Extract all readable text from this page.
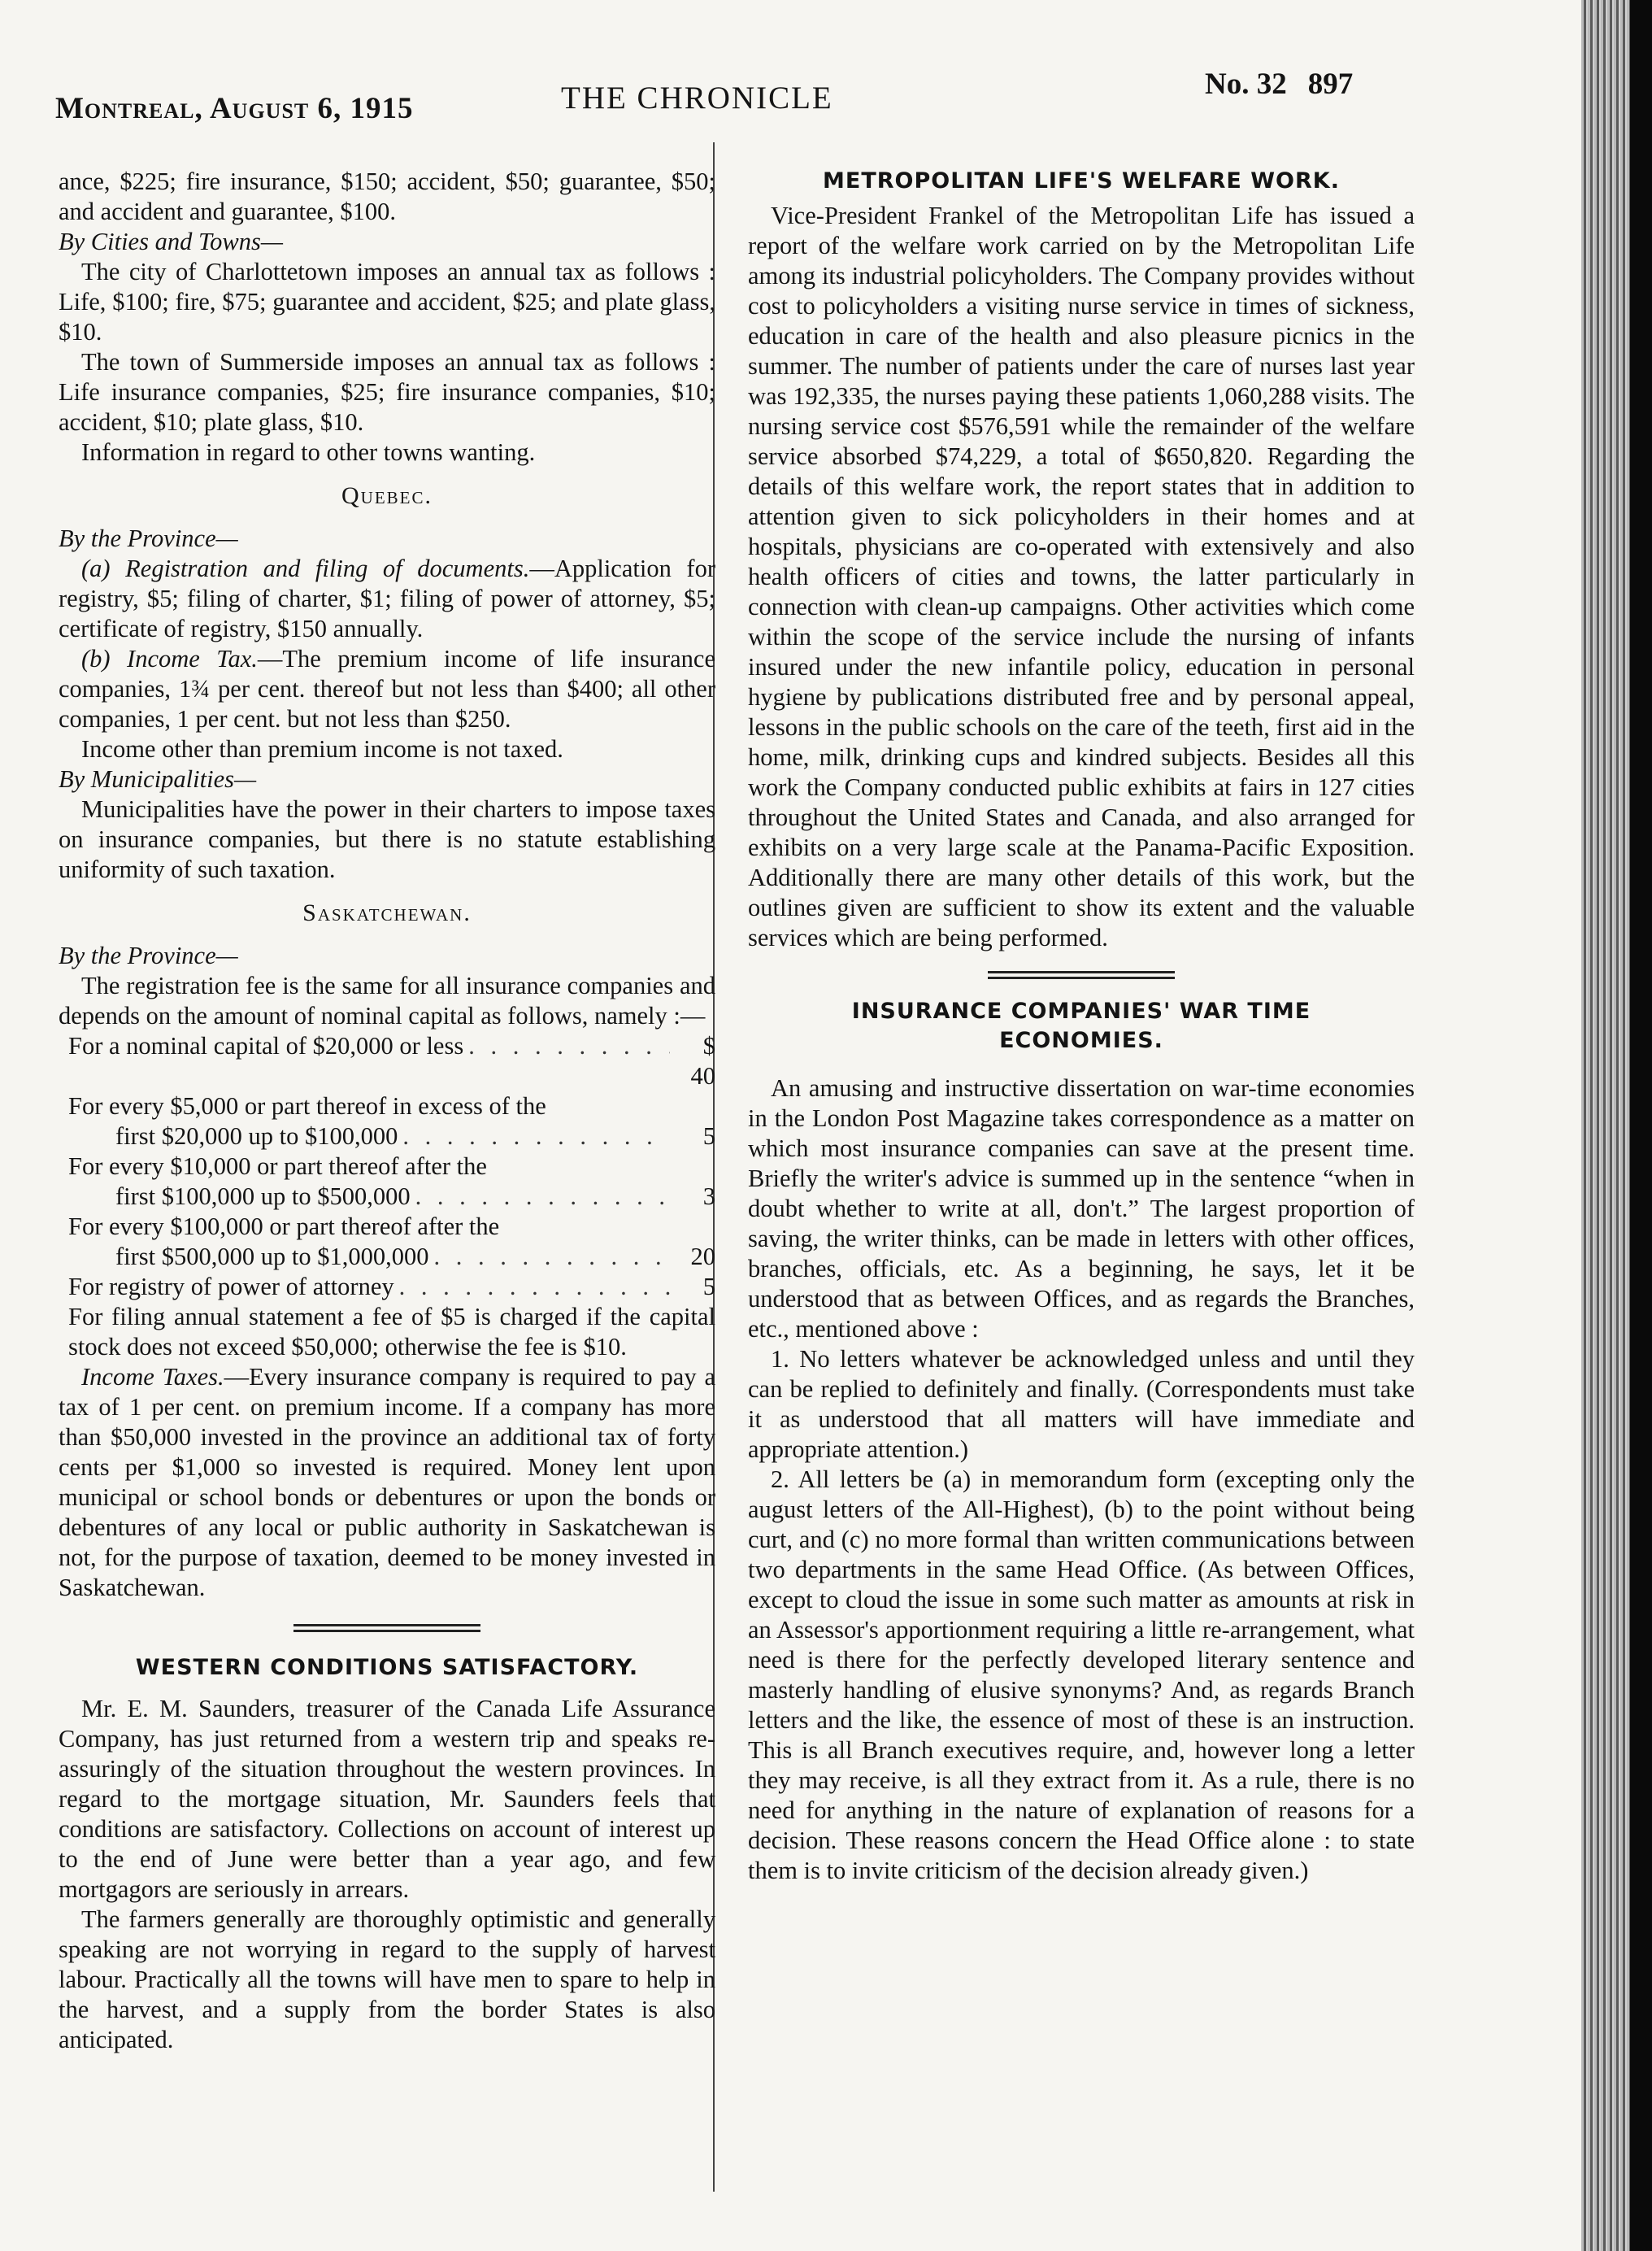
Montreal, August 6, 1915	THE CHRONICLE	No. 32 897

ance, $225; fire insurance, $150; accident, $50; guarantee, $50; and accident and guarantee, $100.

By Cities and Towns—

The city of Charlottetown imposes an annual tax as follows : Life, $100; fire, $75; guarantee and accident, $25; and plate glass, $10.

The town of Summerside imposes an annual tax as follows : Life insurance companies, $25; fire insurance companies, $10; accident, $10; plate glass, $10.

Information in regard to other towns wanting.

Quebec.

By the Province—

(a) Registration and filing of documents.—Application for registry, $5; filing of charter, $1; filing of power of attorney, $5; certificate of registry, $150 annually.

(b) Income Tax.—The premium income of life insurance companies, 1¾ per cent. thereof but not less than $400; all other companies, 1 per cent. but not less than $250.

Income other than premium income is not taxed.

By Municipalities—

Municipalities have the power in their charters to impose taxes on insurance companies, but there is no statute establishing uniformity of such taxation.

Saskatchewan.

By the Province—

The registration fee is the same for all insurance companies and depends on the amount of nominal capital as follows, namely :—

For a nominal capital of $20,000 or less . . .	$ 40
For every $5,000 or part thereof in excess of the
first $20,000 up to $100,000 . . .	5
For every $10,000 or part thereof after the
first $100,000 up to $500,000 . . .	3
For every $100,000 or part thereof after the
first $500,000 up to $1,000,000 . . .	20
For registry of power of attorney . . .	5

For filing annual statement a fee of $5 is charged if the capital stock does not exceed $50,000; otherwise the fee is $10.

Income Taxes.—Every insurance company is required to pay a tax of 1 per cent. on premium income. If a company has more than $50,000 invested in the province an additional tax of forty cents per $1,000 so invested is required. Money lent upon municipal or school bonds or debentures or upon the bonds or debentures of any local or public authority in Saskatchewan is not, for the purpose of taxation, deemed to be money invested in Saskatchewan.

WESTERN CONDITIONS SATISFACTORY.

Mr. E. M. Saunders, treasurer of the Canada Life Assurance Company, has just returned from a western trip and speaks re-assuringly of the situation throughout the western provinces. In regard to the mortgage situation, Mr. Saunders feels that conditions are satisfactory. Collections on account of interest up to the end of June were better than a year ago, and few mortgagors are seriously in arrears.

The farmers generally are thoroughly optimistic and generally speaking are not worrying in regard to the supply of harvest labour. Practically all the towns will have men to spare to help in the harvest, and a supply from the border States is also anticipated.

METROPOLITAN LIFE'S WELFARE WORK.

Vice-President Frankel of the Metropolitan Life has issued a report of the welfare work carried on by the Metropolitan Life among its industrial policyholders. The Company provides without cost to policyholders a visiting nurse service in times of sickness, education in care of the health and also pleasure picnics in the summer. The number of patients under the care of nurses last year was 192,335, the nurses paying these patients 1,060,288 visits. The nursing service cost $576,591 while the remainder of the welfare service absorbed $74,229, a total of $650,820. Regarding the details of this welfare work, the report states that in addition to attention given to sick policyholders in their homes and at hospitals, physicians are co-operated with extensively and also health officers of cities and towns, the latter particularly in connection with clean-up campaigns. Other activities which come within the scope of the service include the nursing of infants insured under the new infantile policy, education in personal hygiene by publications distributed free and by personal appeal, lessons in the public schools on the care of the teeth, first aid in the home, milk, drinking cups and kindred subjects. Besides all this work the Company conducted public exhibits at fairs in 127 cities throughout the United States and Canada, and also arranged for exhibits on a very large scale at the Panama-Pacific Exposition. Additionally there are many other details of this work, but the outlines given are sufficient to show its extent and the valuable services which are being performed.

INSURANCE COMPANIES' WAR TIME

ECONOMIES.

An amusing and instructive dissertation on war-time economies in the London Post Magazine takes correspondence as a matter on which most insurance companies can save at the present time. Briefly the writer's advice is summed up in the sentence “when in doubt whether to write at all, don't.” The largest proportion of saving, the writer thinks, can be made in letters with other offices, branches, officials, etc. As a beginning, he says, let it be understood that as between Offices, and as regards the Branches, etc., mentioned above :

1. No letters whatever be acknowledged unless and until they can be replied to definitely and finally. (Correspondents must take it as understood that all matters will have immediate and appropriate attention.)

2. All letters be (a) in memorandum form (excepting only the august letters of the All-Highest), (b) to the point without being curt, and (c) no more formal than written communications between two departments in the same Head Office. (As between Offices, except to cloud the issue in some such matter as amounts at risk in an Assessor's apportionment requiring a little re-arrangement, what need is there for the perfectly developed literary sentence and masterly handling of elusive synonyms? And, as regards Branch letters and the like, the essence of most of these is an instruction. This is all Branch executives require, and, however long a letter they may receive, is all they extract from it. As a rule, there is no need for anything in the nature of explanation of reasons for a decision. These reasons concern the Head Office alone : to state them is to invite criticism of the decision already given.)
